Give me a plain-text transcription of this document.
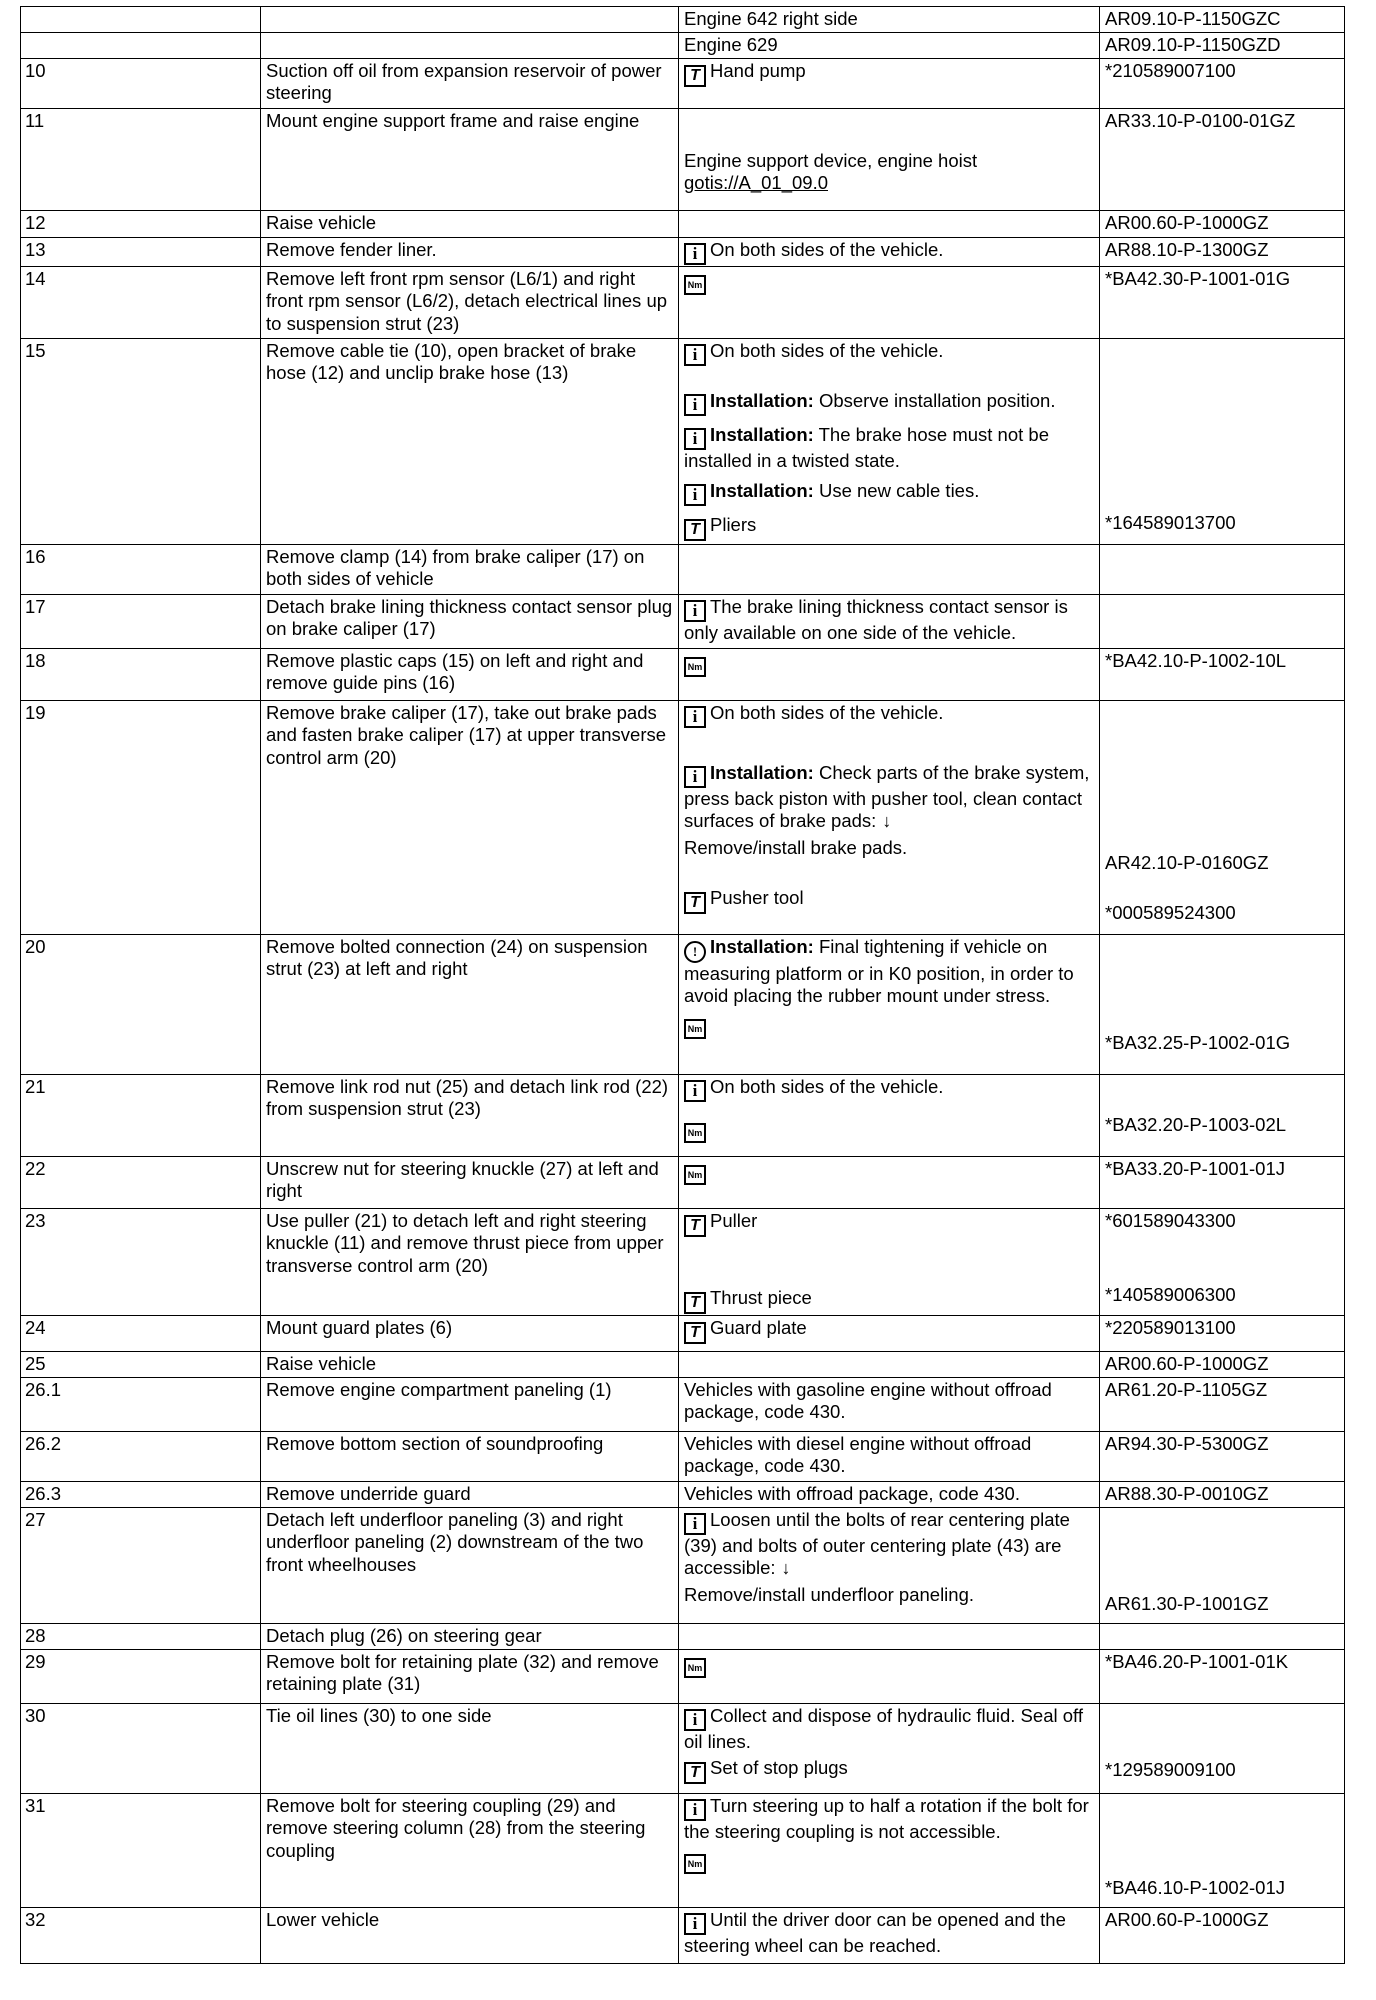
		Engine 642 right side	AR09.10-P-1150GZC
		Engine 629	AR09.10-P-1150GZD
10	Suction off oil from expansion reservoir of power steering	T Hand pump	*210589007100
11	Mount engine support frame and raise engine	Engine support device, engine hoist
gotis://A_01_09.0	AR33.10-P-0100-01GZ
12	Raise vehicle		AR00.60-P-1000GZ
13	Remove fender liner.	i On both sides of the vehicle.	AR88.10-P-1300GZ
14	Remove left front rpm sensor (L6/1) and right front rpm sensor (L6/2), detach electrical lines up to suspension strut (23)	Nm	*BA42.30-P-1001-01G
15	Remove cable tie (10), open bracket of brake hose (12) and unclip brake hose (13)	i On both sides of the vehicle.
i Installation: Observe installation position.
i Installation: The brake hose must not be installed in a twisted state.
i Installation: Use new cable ties.
T Pliers	*164589013700

16	Remove clamp (14) from brake caliper (17) on both sides of vehicle		
17	Detach brake lining thickness contact sensor plug on brake caliper (17)	i The brake lining thickness contact sensor is only available on one side of the vehicle.	
18	Remove plastic caps (15) on left and right and remove guide pins (16)	Nm	*BA42.10-P-1002-10L
19	Remove brake caliper (17), take out brake pads and fasten brake caliper (17) at upper transverse control arm (20)	i On both sides of the vehicle.
i Installation: Check parts of the brake system, press back piston with pusher tool, clean contact surfaces of brake pads: ↓
Remove/install brake pads.
T Pusher tool	AR42.10-P-0160GZ
*000589524300

20	Remove bolted connection (24) on suspension strut (23) at left and right	! Installation: Final tightening if vehicle on measuring platform or in K0 position, in order to avoid placing the rubber mount under stress.
Nm	*BA32.25-P-1002-01G

21	Remove link rod nut (25) and detach link rod (22) from suspension strut (23)	i On both sides of the vehicle.
Nm	*BA32.20-P-1003-02L

22	Unscrew nut for steering knuckle (27) at left and right	Nm	*BA33.20-P-1001-01J
23	Use puller (21) to detach left and right steering knuckle (11) and remove thrust piece from upper transverse control arm (20)	T Puller
T Thrust piece	*601589043300
*140589006300

24	Mount guard plates (6)	T Guard plate	*220589013100
25	Raise vehicle		AR00.60-P-1000GZ
26.1	Remove engine compartment paneling (1)	Vehicles with gasoline engine without offroad package, code 430.	AR61.20-P-1105GZ
26.2	Remove bottom section of soundproofing	Vehicles with diesel engine without offroad package, code 430.	AR94.30-P-5300GZ
26.3	Remove underride guard	Vehicles with offroad package, code 430.	AR88.30-P-0010GZ
27	Detach left underfloor paneling (3) and right underfloor paneling (2) downstream of the two front wheelhouses	i Loosen until the bolts of rear centering plate (39) and bolts of outer centering plate (43) are accessible: ↓
Remove/install underfloor paneling.	AR61.30-P-1001GZ

28	Detach plug (26) on steering gear		
29	Remove bolt for retaining plate (32) and remove retaining plate (31)	Nm	*BA46.20-P-1001-01K
30	Tie oil lines (30) to one side	i Collect and dispose of hydraulic fluid. Seal off oil lines.
T Set of stop plugs	*129589009100

31	Remove bolt for steering coupling (29) and remove steering column (28) from the steering coupling	i Turn steering up to half a rotation if the bolt for the steering coupling is not accessible.
Nm	*BA46.10-P-1002-01J

32	Lower vehicle	i Until the driver door can be opened and the steering wheel can be reached.	AR00.60-P-1000GZ
